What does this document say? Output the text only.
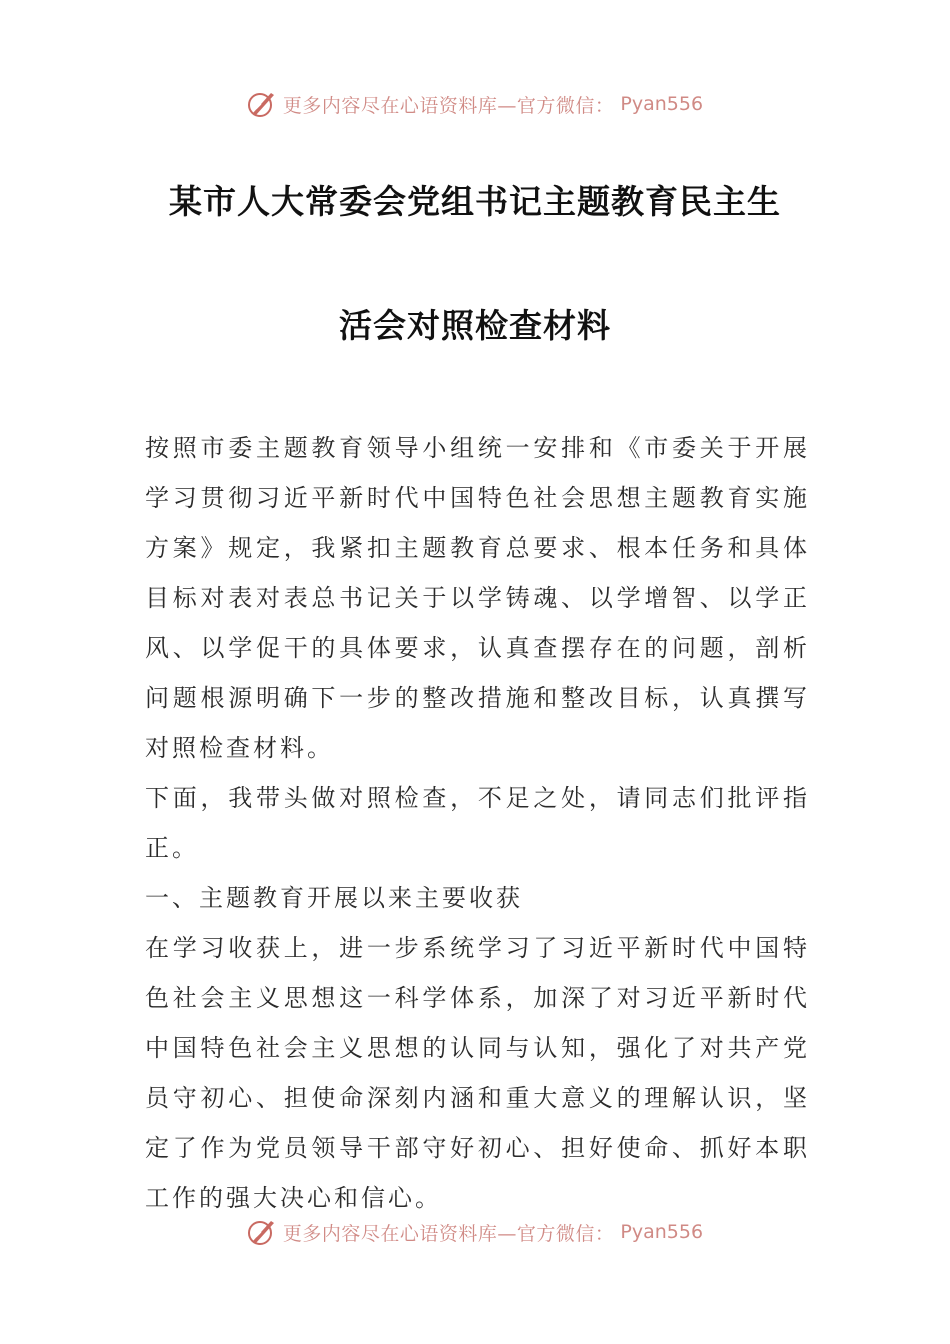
更多内容尽在心语资料库—官方微信： Pyan556
某市人大常委会党组书记主题教育民主生
活会对照检查材料

按照市委主题教育领导小组统一安排和《市委关于开展学习贯彻习近平新时代中国特色社会思想主题教育实施方案》规定，我紧扣主题教育总要求、根本任务和具体目标对表对表总书记关于以学铸魂、以学增智、以学正风、以学促干的具体要求，认真查摆存在的问题，剖析问题根源明确下一步的整改措施和整改目标，认真撰写对照检查材料。

下面，我带头做对照检查，不足之处，请同志们批评指正。

一、主题教育开展以来主要收获

在学习收获上，进一步系统学习了习近平新时代中国特色社会主义思想这一科学体系，加深了对习近平新时代中国特色社会主义思想的认同与认知，强化了对共产党员守初心、担使命深刻内涵和重大意义的理解认识，坚定了作为党员领导干部守好初心、担好使命、抓好本职工作的强大决心和信心。

更多内容尽在心语资料库—官方微信： Pyan556
